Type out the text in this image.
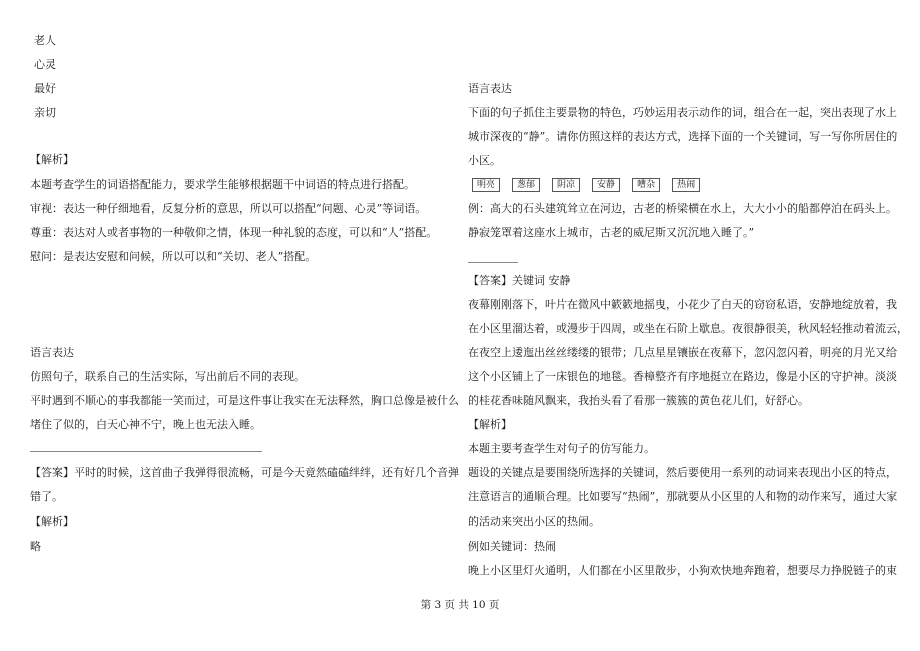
老人
心灵
最好
亲切
【解析】
本题考查学生的词语搭配能力，要求学生能够根据题干中词语的特点进行搭配。
审视：表达一种仔细地看，反复分析的意思，所以可以搭配“问题、心灵”等词语。
尊重：表达对人或者事物的一种敬仰之情，体现一种礼貌的态度，可以和“人”搭配。
慰问：是表达安慰和问候，所以可以和“关切、老人”搭配。
语言表达
仿照句子，联系自己的生活实际，写出前后不同的表现。
平时遇到不顺心的事我都能一笑而过，可是这件事让我实在无法释然，胸口总像是被什么
堵住了似的，白天心神不宁，晚上也无法入睡。
【答案】平时的时候，这首曲子我弹得很流畅，可是今天竟然磕磕绊绊，还有好几个音弹
错了。
【解析】
略
语言表达
下面的句子抓住主要景物的特色，巧妙运用表示动作的词，组合在一起，突出表现了水上
城市深夜的“静”。请你仿照这样的表达方式，选择下面的一个关键词，写一写你所居住的
小区。
明亮	葱郁	阴凉	安静	嘈杂	热闹
例：高大的石头建筑耸立在河边，古老的桥梁横在水上，大大小小的船都停泊在码头上。
静寂笼罩着这座水上城市，古老的威尼斯又沉沉地入睡了。”
【答案】关键词 安静
夜幕刚刚落下，叶片在微风中簌簌地摇曳，小花少了白天的窃窃私语，安静地绽放着，我
在小区里溜达着，或漫步于四周，或坐在石阶上歇息。夜很静很美，秋风轻轻推动着流云，
在夜空上逶迤出丝丝缕缕的银带；几点星星镶嵌在夜幕下，忽闪忽闪着，明亮的月光又给
这个小区铺上了一床银色的地毯。香樟整齐有序地挺立在路边，像是小区的守护神。淡淡
的桂花香味随风飘来，我抬头看了看那一簇簇的黄色花儿们，好舒心。
【解析】
本题主要考查学生对句子的仿写能力。
题设的关键点是要围绕所选择的关键词，然后要使用一系列的动词来表现出小区的特点，
注意语言的通顺合理。比如要写“热闹”，那就要从小区里的人和物的动作来写，通过大家
的活动来突出小区的热闹。
例如关键词：热闹
晚上小区里灯火通明，人们都在小区里散步，小狗欢快地奔跑着，想要尽力挣脱链子的束
第 3 页 共 10 页
